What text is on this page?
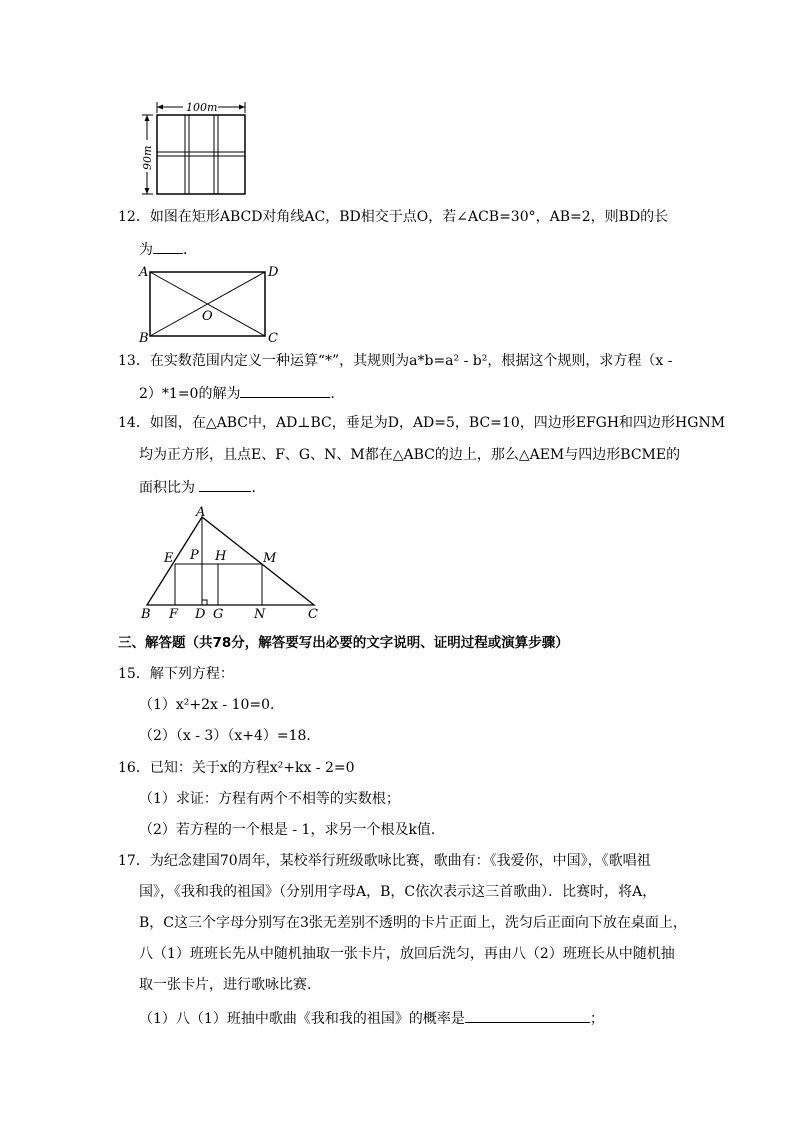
100m
90m
12．如图在矩形ABCD对角线AC，BD相交于点O，若∠ACB=30°，AB=2，则BD的长
为 ．
A	D
B	C
O
13．在实数范围内定义一种运算“*”，其规则为a*b=a² - b²，根据这个规则，求方程（x -
2）*1=0的解为	．
14．如图，在△ABC中，AD⊥BC，垂足为D，AD=5，BC=10，四边形EFGH和四边形HGNM
均为正方形，且点E、F、G、N、M都在△ABC的边上，那么△AEM与四边形BCME的
面积比为	．
A
E P H	M
B F D G N	C
三、解答题（共78分，解答要写出必要的文字说明、证明过程或演算步骤）
15．解下列方程：
（1）x²+2x - 10=0．
（2）（x - 3）（x+4）=18．
16．已知：关于x的方程x²+kx - 2=0
（1）求证：方程有两个不相等的实数根；
（2）若方程的一个根是 - 1，求另一个根及k值．
17．为纪念建国70周年，某校举行班级歌咏比赛，歌曲有：《我爱你，中国》，《歌唱祖
国》，《我和我的祖国》（分别用字母A，B，C依次表示这三首歌曲）．比赛时，将A，
B，C这三个字母分别写在3张无差别不透明的卡片正面上，洗匀后正面向下放在桌面上，
八（1）班班长先从中随机抽取一张卡片，放回后洗匀，再由八（2）班班长从中随机抽
取一张卡片，进行歌咏比赛．
（1）八（1）班抽中歌曲《我和我的祖国》的概率是	；
